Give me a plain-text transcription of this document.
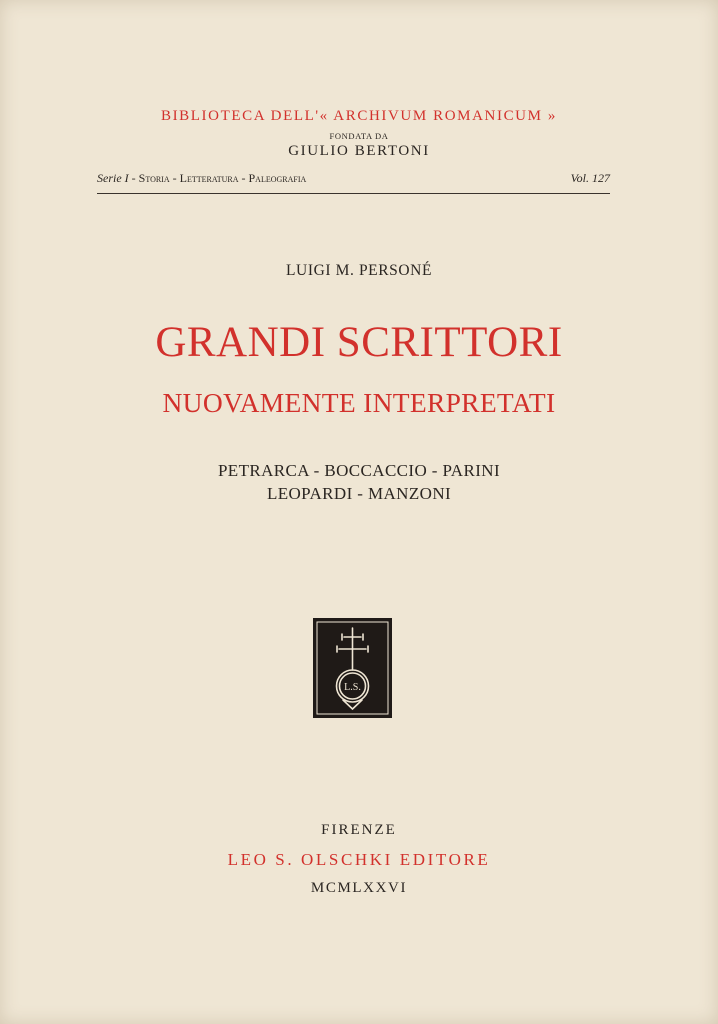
BIBLIOTECA DELL'« ARCHIVUM ROMANICUM »
FONDATA DA
GIULIO BERTONI
Serie I - Storia - Letteratura - Paleografia	Vol. 127
LUIGI M. PERSONÉ
GRANDI SCRITTORI
NUOVAMENTE INTERPRETATI
PETRARCA - BOCCACCIO - PARINI
LEOPARDI - MANZONI
L.S.
FIRENZE
LEO S. OLSCHKI EDITORE
MCMLXXVI
